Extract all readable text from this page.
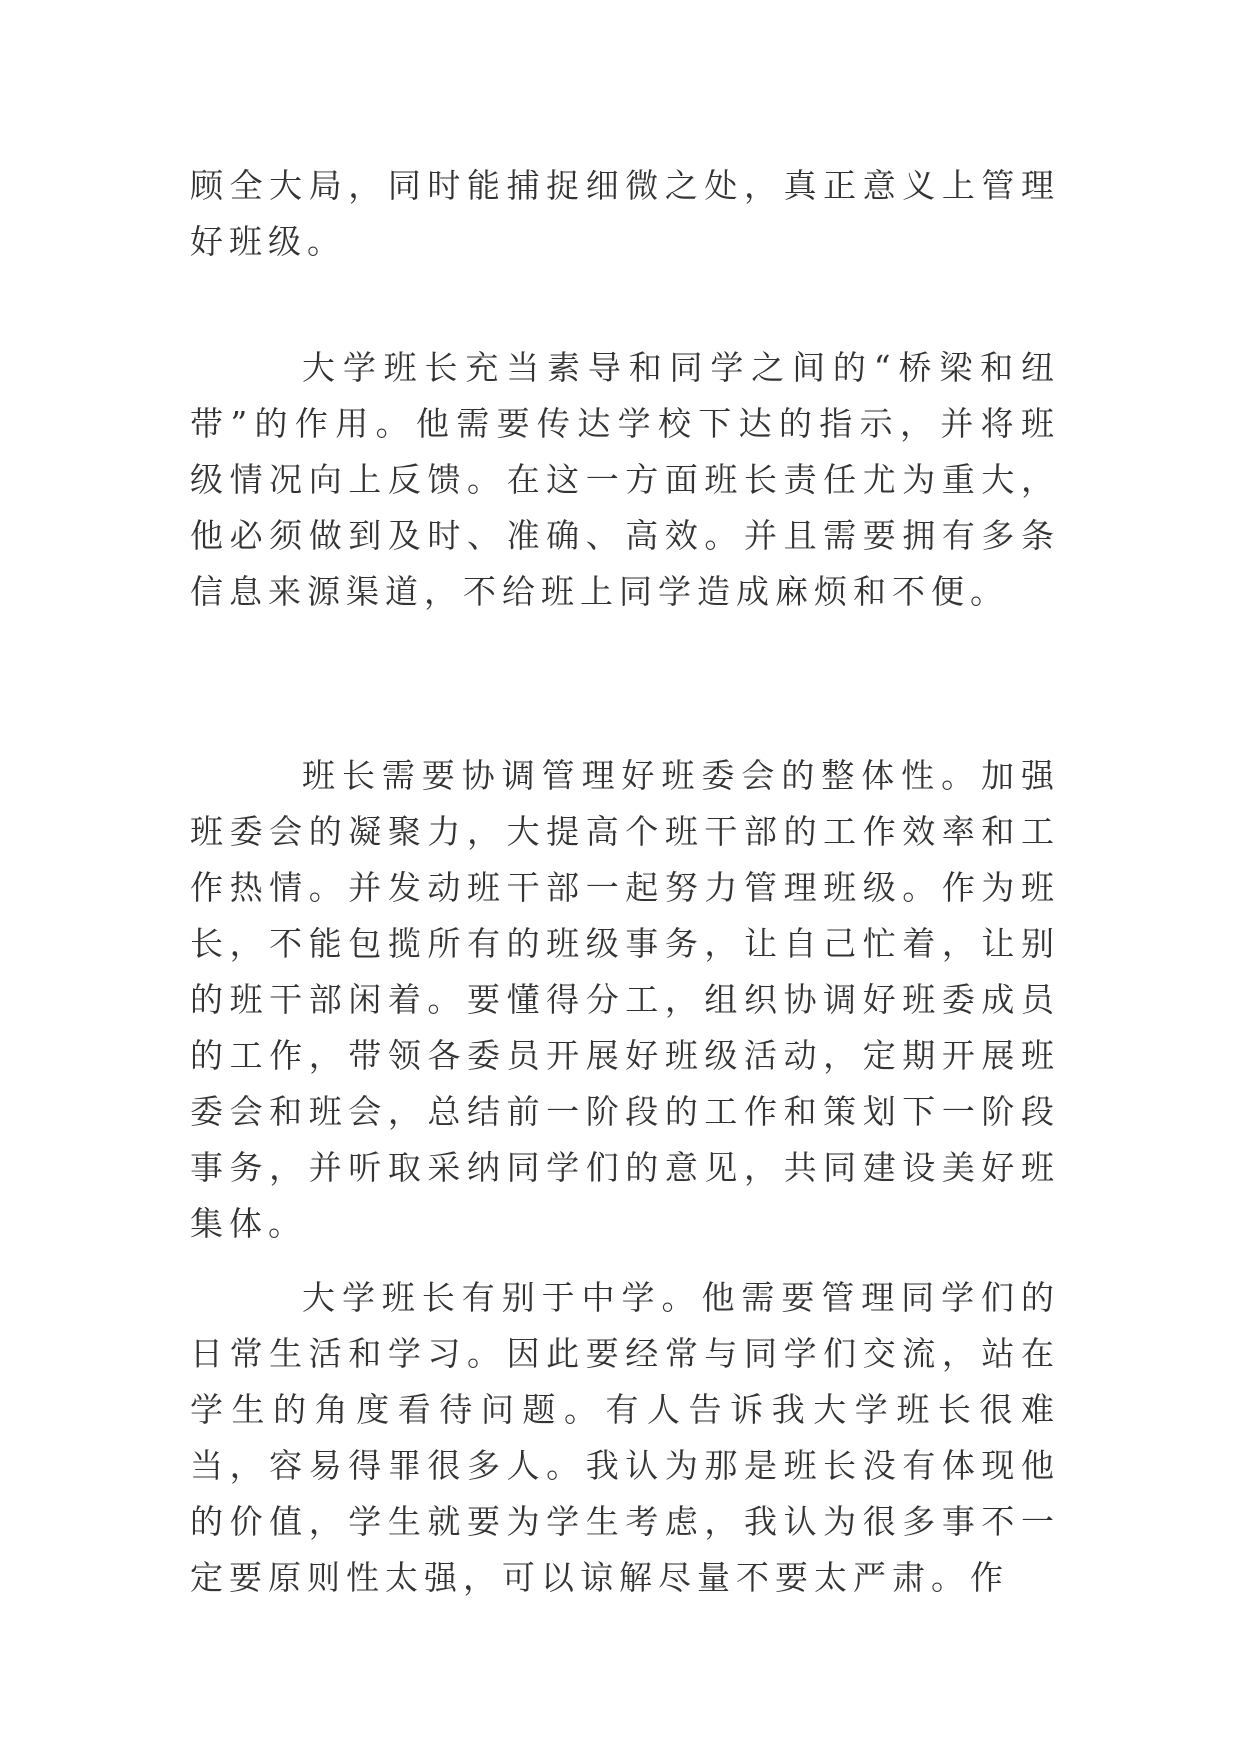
顾全大局，同时能捕捉细微之处，真正意义上管理好班级。

大学班长充当素导和同学之间的“桥梁和纽带”的作用。他需要传达学校下达的指示，并将班级情况向上反馈。在这一方面班长责任尤为重大，他必须做到及时、准确、高效。并且需要拥有多条信息来源渠道，不给班上同学造成麻烦和不便。

班长需要协调管理好班委会的整体性。加强班委会的凝聚力，大提高个班干部的工作效率和工作热情。并发动班干部一起努力管理班级。作为班长，不能包揽所有的班级事务，让自己忙着，让别的班干部闲着。要懂得分工，组织协调好班委成员的工作，带领各委员开展好班级活动，定期开展班委会和班会，总结前一阶段的工作和策划下一阶段事务，并听取采纳同学们的意见，共同建设美好班集体。

大学班长有别于中学。他需要管理同学们的日常生活和学习。因此要经常与同学们交流，站在学生的角度看待问题。有人告诉我大学班长很难当，容易得罪很多人。我认为那是班长没有体现他的价值，学生就要为学生考虑，我认为很多事不一定要原则性太强，可以谅解尽量不要太严肃。作
